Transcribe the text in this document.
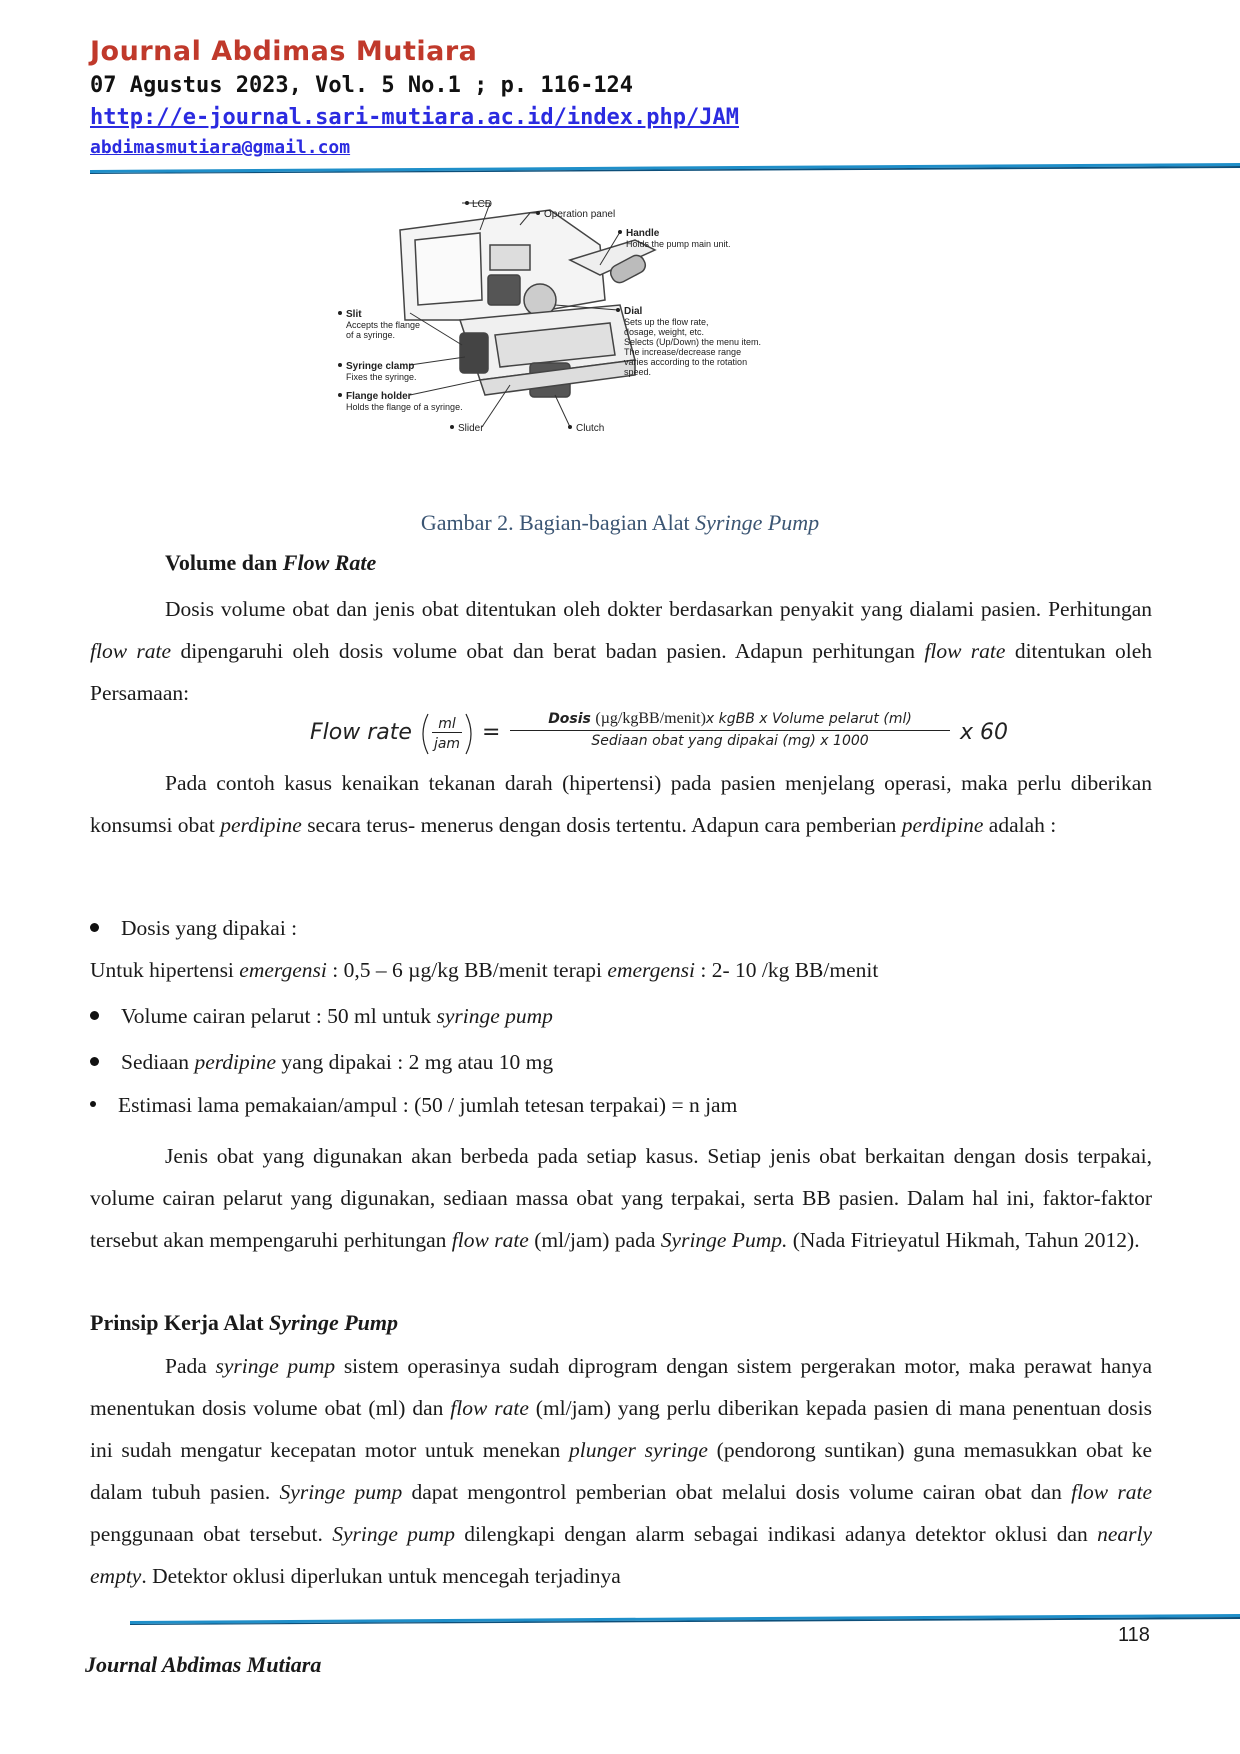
Journal Abdimas Mutiara
07 Agustus 2023, Vol. 5 No.1 ; p. 116-124
http://e-journal.sari-mutiara.ac.id/index.php/JAM
abdimasmutiara@gmail.com
LCD
Operation panel
Handle
Holds the pump main unit.
Dial
Sets up the flow rate,
dosage, weight, etc.
Selects (Up/Down) the menu item.
The increase/decrease range
varies according to the rotation
speed.
Slit
Accepts the flange
of a syringe.
Syringe clamp
Fixes the syringe.
Flange holder
Holds the flange of a syringe.
Slider	Clutch
Gambar 2. Bagian-bagian Alat Syringe Pump
Volume dan Flow Rate
Dosis volume obat dan jenis obat ditentukan oleh dokter berdasarkan penyakit yang dialami pasien. Perhitungan flow rate dipengaruhi oleh dosis volume obat dan berat badan pasien. Adapun perhitungan flow rate ditentukan oleh Persamaan:
Flow rate	ml
jam =
Dosis (µg/kgBB/menit)x kgBB x Volume pelarut (ml)
Sediaan obat yang dipakai (mg) x 1000	x 60
Pada contoh kasus kenaikan tekanan darah (hipertensi) pada pasien menjelang operasi, maka perlu diberikan konsumsi obat perdipine secara terus- menerus dengan dosis tertentu. Adapun cara pemberian perdipine adalah :
Dosis yang dipakai :
Untuk hipertensi emergensi : 0,5 – 6 µg/kg BB/menit terapi emergensi : 2- 10 /kg BB/menit
Volume cairan pelarut : 50 ml untuk syringe pump
Sediaan perdipine yang dipakai : 2 mg atau 10 mg
Estimasi lama pemakaian/ampul : (50 / jumlah tetesan terpakai) = n jam
Jenis obat yang digunakan akan berbeda pada setiap kasus. Setiap jenis obat berkaitan dengan dosis terpakai, volume cairan pelarut yang digunakan, sediaan massa obat yang terpakai, serta BB pasien. Dalam hal ini, faktor-faktor tersebut akan mempengaruhi perhitungan flow rate (ml/jam) pada Syringe Pump. (Nada Fitrieyatul Hikmah, Tahun 2012).
Prinsip Kerja Alat Syringe Pump
Pada syringe pump sistem operasinya sudah diprogram dengan sistem pergerakan motor, maka perawat hanya menentukan dosis volume obat (ml) dan flow rate (ml/jam) yang perlu diberikan kepada pasien di mana penentuan dosis ini sudah mengatur kecepatan motor untuk menekan plunger syringe (pendorong suntikan) guna memasukkan obat ke dalam tubuh pasien. Syringe pump dapat mengontrol pemberian obat melalui dosis volume cairan obat dan flow rate penggunaan obat tersebut. Syringe pump dilengkapi dengan alarm sebagai indikasi adanya detektor oklusi dan nearly empty. Detektor oklusi diperlukan untuk mencegah terjadinya
118
Journal Abdimas Mutiara
